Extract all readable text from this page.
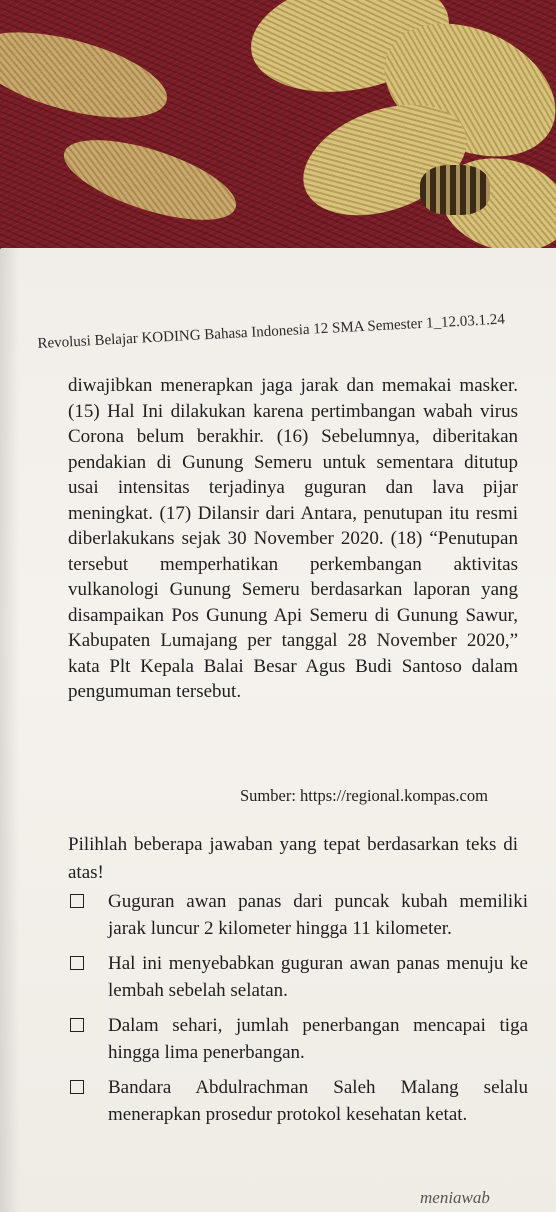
Revolusi Belajar KODING Bahasa Indonesia 12 SMA Semester 1_12.03.1.24
diwajibkan menerapkan jaga jarak dan memakai masker. (15) Hal Ini dilakukan karena pertimbangan wabah virus Corona belum berakhir. (16) Sebelumnya, diberitakan pendakian di Gunung Semeru untuk sementara ditutup usai intensitas terjadinya guguran dan lava pijar meningkat. (17) Dilansir dari Antara, penutupan itu resmi diberlakukans sejak 30 November 2020. (18) “Penutupan tersebut memperhatikan perkembangan aktivitas vulkanologi Gunung Semeru berdasarkan laporan yang disampaikan Pos Gunung Api Semeru di Gunung Sawur, Kabupaten Lumajang per tanggal 28 November 2020,” kata Plt Kepala Balai Besar Agus Budi Santoso dalam pengumuman tersebut.
Sumber: https://regional.kompas.com
Pilihlah beberapa jawaban yang tepat berdasarkan teks di atas!
Guguran awan panas dari puncak kubah memiliki jarak luncur 2 kilometer hingga 11 kilometer.
Hal ini menyebabkan guguran awan panas menuju ke lembah sebelah selatan.
Dalam sehari, jumlah penerbangan mencapai tiga hingga lima penerbangan.
Bandara Abdulrachman Saleh Malang selalu menerapkan prosedur protokol kesehatan ketat.
meniawab
